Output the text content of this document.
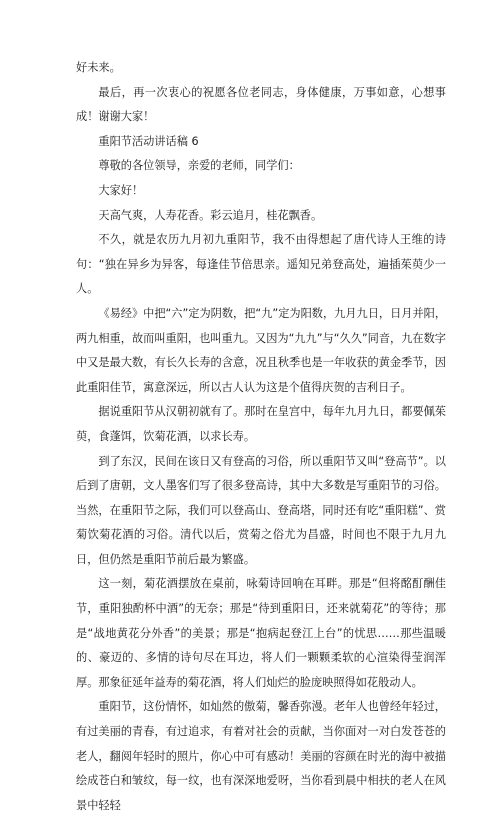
好未来。

最后，再一次衷心的祝愿各位老同志，身体健康，万事如意，心想事成！谢谢大家！

重阳节活动讲话稿 6

尊敬的各位领导，亲爱的老师，同学们：

大家好！

天高气爽，人寿花香。彩云追月，桂花飘香。

不久，就是农历九月初九重阳节，我不由得想起了唐代诗人王维的诗句：“独在异乡为异客，每逢佳节倍思亲。遥知兄弟登高处，遍插茱萸少一人。

《易经》中把“六”定为阴数，把“九”定为阳数，九月九日，日月并阳，两九相重，故而叫重阳，也叫重九。又因为“九九”与“久久”同音，九在数字中又是最大数，有长久长寿的含意，况且秋季也是一年收获的黄金季节，因此重阳佳节，寓意深远，所以古人认为这是个值得庆贺的吉利日子。

据说重阳节从汉朝初就有了。那时在皇宫中，每年九月九日，都要佩茱萸，食蓬饵，饮菊花酒，以求长寿。

到了东汉，民间在该日又有登高的习俗，所以重阳节又叫“登高节”。以后到了唐朝，文人墨客们写了很多登高诗，其中大多数是写重阳节的习俗。当然，在重阳节之际，我们可以登高山、登高塔，同时还有吃“重阳糕”、赏菊饮菊花酒的习俗。清代以后，赏菊之俗尤为昌盛，时间也不限于九月九日，但仍然是重阳节前后最为繁盛。

这一刻，菊花酒摆放在桌前，咏菊诗回响在耳畔。那是“但将酩酊酬佳节，重阳独酌杯中酒”的无奈；那是“待到重阳日，还来就菊花”的等待；那是“战地黄花分外香”的美景；那是“抱病起登江上台”的忧思……那些温暖的、豪迈的、多情的诗句尽在耳边，将人们一颗颗柔软的心渲染得莹润浑厚。那象征延年益寿的菊花酒，将人们灿烂的脸庞映照得如花般动人。

重阳节，这份情怀，如灿然的傲菊，馨香弥漫。老年人也曾经年轻过，有过美丽的青春，有过追求，有着对社会的贡献，当你面对一对白发苍苍的老人，翻阅年轻时的照片，你心中可有感动！美丽的容颜在时光的海中被描绘成苍白和皱纹，每一纹，也有深深地爱呀，当你看到晨中相扶的老人在风景中轻轻
